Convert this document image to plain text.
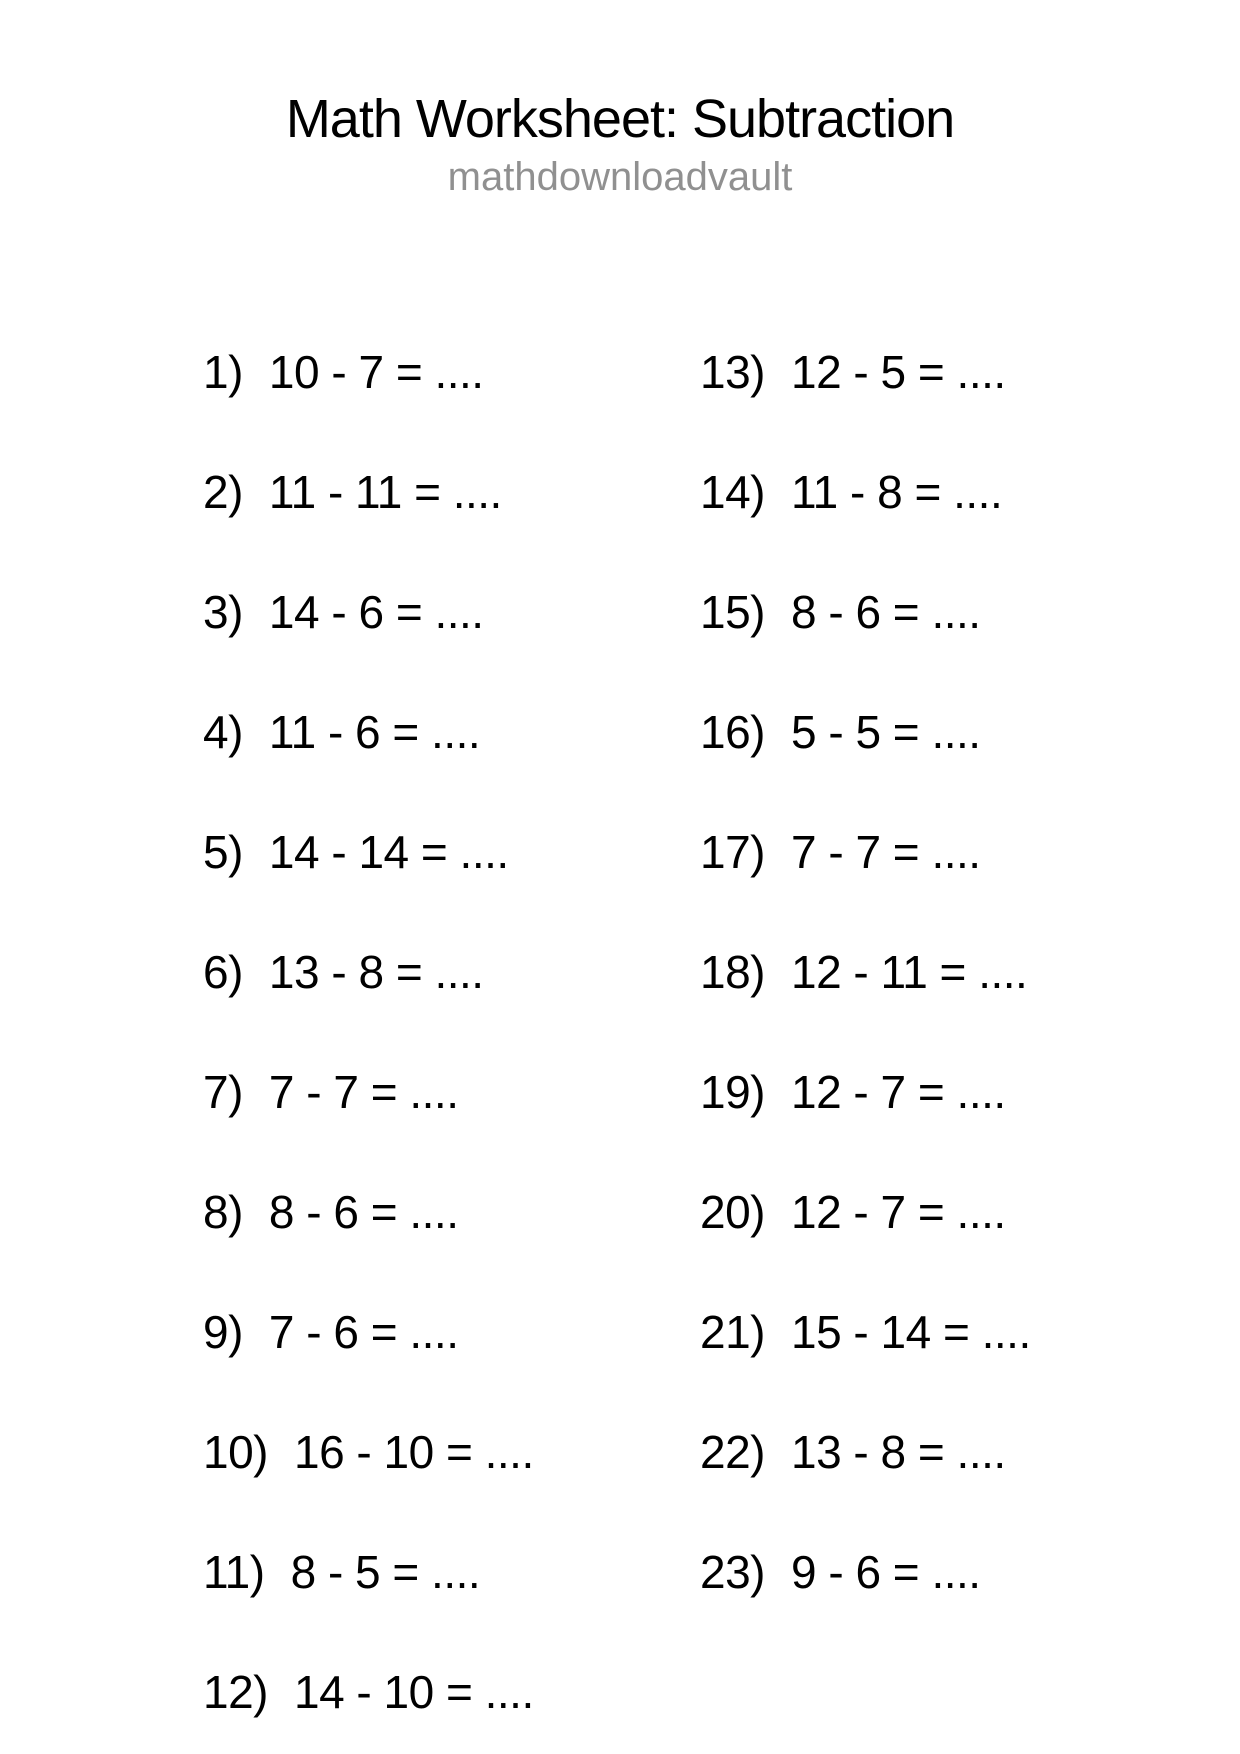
Math Worksheet: Subtraction
mathdownloadvault
1) 10 - 7 = ....
2) 11 - 11 = ....
3) 14 - 6 = ....
4) 11 - 6 = ....
5) 14 - 14 = ....
6) 13 - 8 = ....
7) 7 - 7 = ....
8) 8 - 6 = ....
9) 7 - 6 = ....
10) 16 - 10 = ....
11) 8 - 5 = ....
12) 14 - 10 = ....
13) 12 - 5 = ....
14) 11 - 8 = ....
15) 8 - 6 = ....
16) 5 - 5 = ....
17) 7 - 7 = ....
18) 12 - 11 = ....
19) 12 - 7 = ....
20) 12 - 7 = ....
21) 15 - 14 = ....
22) 13 - 8 = ....
23) 9 - 6 = ....
